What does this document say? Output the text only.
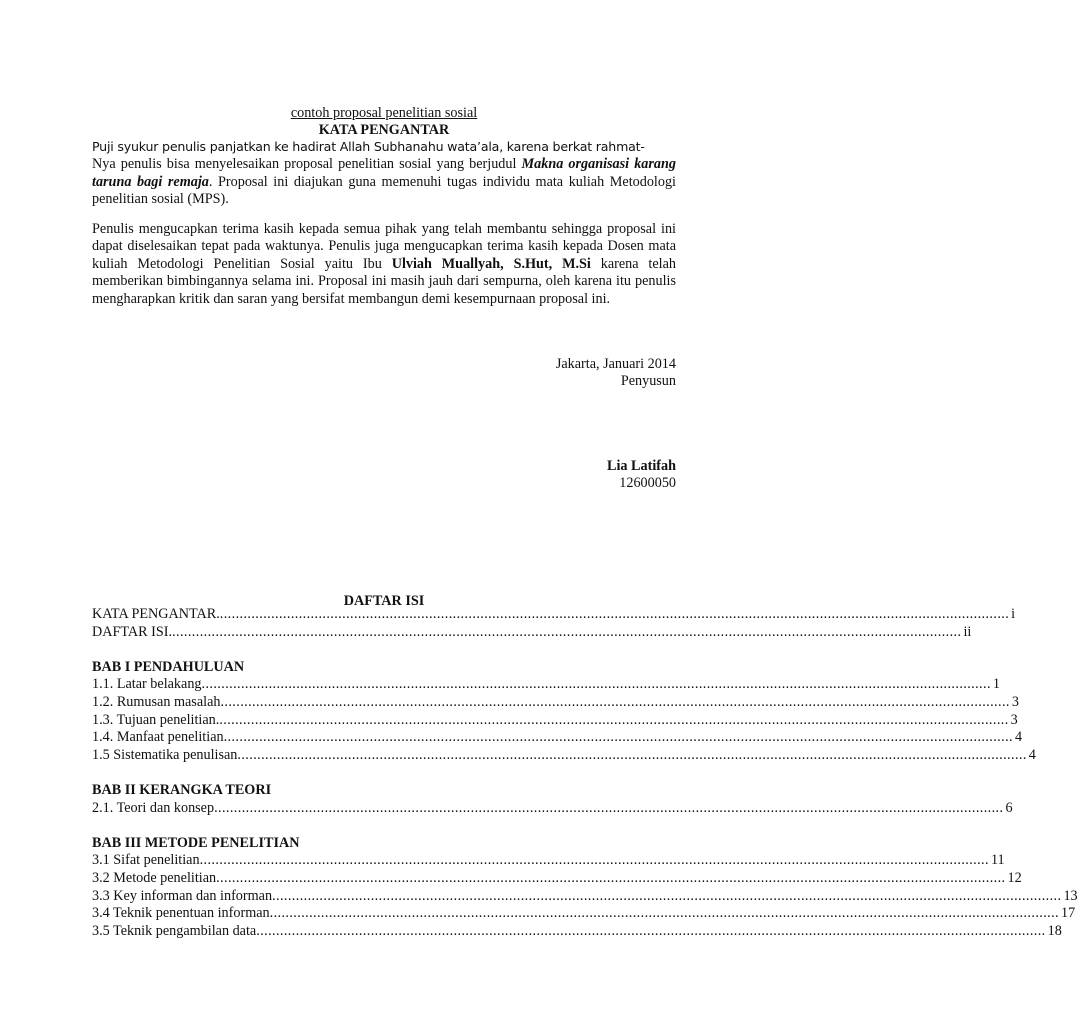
contoh proposal penelitian sosial
KATA PENGANTAR

Puji syukur penulis panjatkan ke hadirat Allah Subhanahu wata’ala, karena berkat rahmat-
Nya penulis bisa menyelesaikan proposal penelitian sosial yang berjudul Makna organisasi karang taruna bagi remaja. Proposal ini diajukan guna memenuhi tugas individu mata kuliah Metodologi penelitian sosial (MPS).

Penulis mengucapkan terima kasih kepada semua pihak yang telah membantu sehingga proposal ini dapat diselesaikan tepat pada waktunya. Penulis juga mengucapkan terima kasih kepada Dosen mata kuliah Metodologi Penelitian Sosial yaitu Ibu Ulviah Muallyah, S.Hut, M.Si karena telah memberikan bimbingannya selama ini. Proposal ini masih jauh dari sempurna, oleh karena itu penulis mengharapkan kritik dan saran yang bersifat membangun demi kesempurnaan proposal ini.

Jakarta, Januari 2014
Penyusun
Lia Latifah
12600050
DAFTAR ISI
KATA PENGANTAR. ........................................................................................................................................................................................................ i
DAFTAR ISI. ........................................................................................................................................................................................................ ii
BAB I PENDAHULUAN
1.1. Latar belakang ........................................................................................................................................................................................................ 1
1.2. Rumusan masalah ........................................................................................................................................................................................................ 3
1.3. Tujuan penelitian. ........................................................................................................................................................................................................ 3
1.4. Manfaat penelitian ........................................................................................................................................................................................................ 4
1.5 Sistematika penulisan ........................................................................................................................................................................................................ 4
BAB II KERANGKA TEORI
2.1. Teori dan konsep ........................................................................................................................................................................................................ 6
BAB III METODE PENELITIAN
3.1 Sifat penelitian ........................................................................................................................................................................................................ 11
3.2 Metode penelitian ........................................................................................................................................................................................................ 12
3.3 Key informan dan informan ........................................................................................................................................................................................................ 13
3.4 Teknik penentuan informan ........................................................................................................................................................................................................ 17
3.5 Teknik pengambilan data ........................................................................................................................................................................................................ 18
